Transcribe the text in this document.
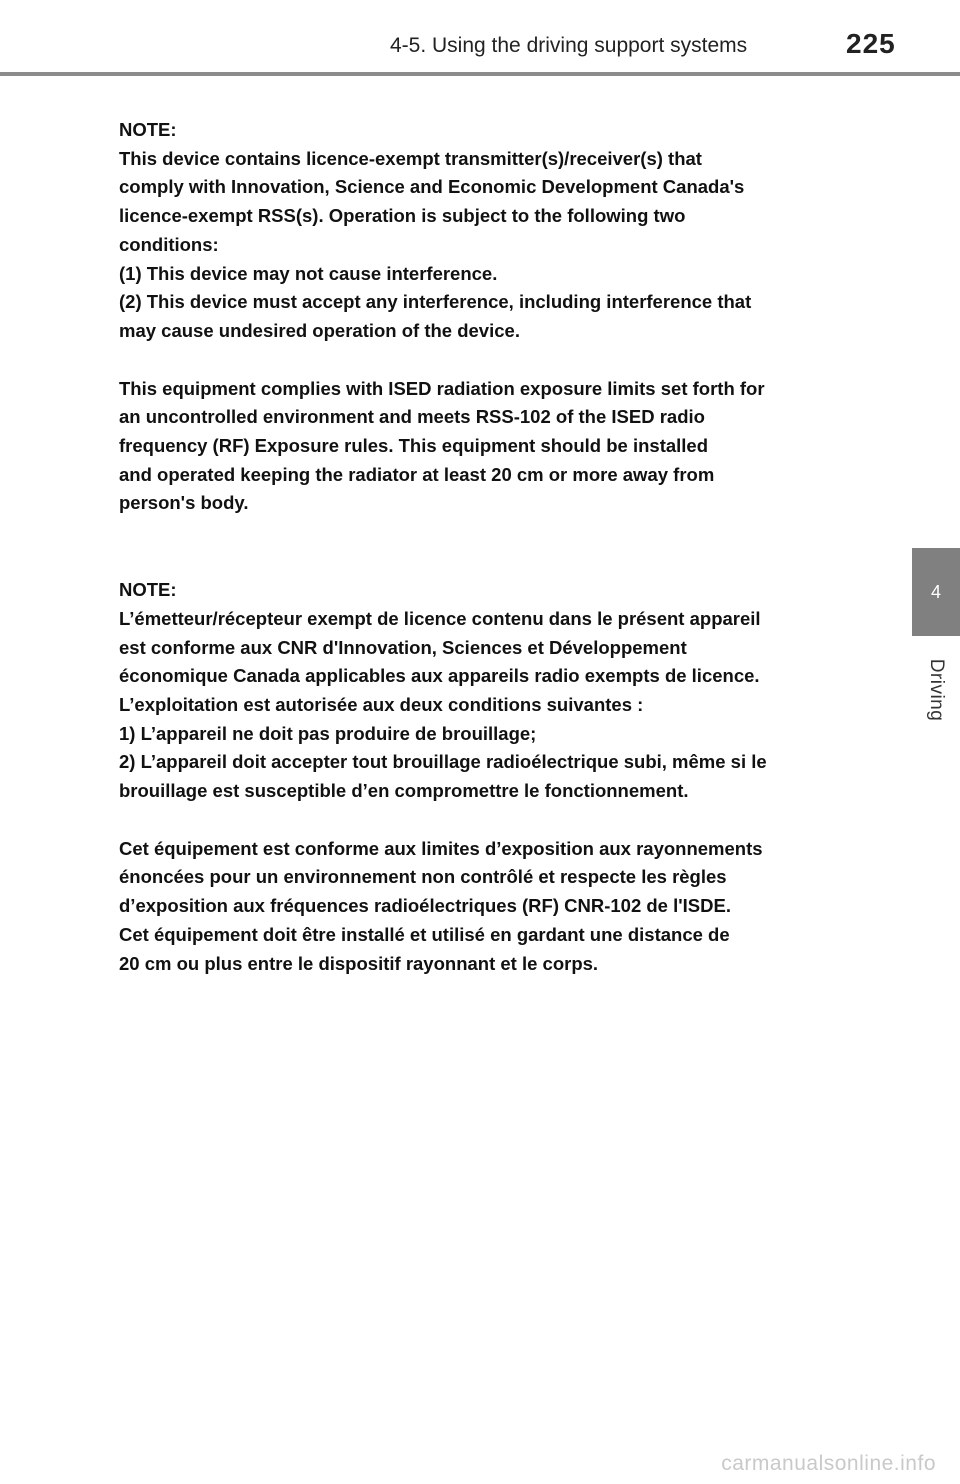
4-5. Using the driving support systems	225
4
Driving
NOTE:
This device contains licence-exempt transmitter(s)/receiver(s) that
comply with Innovation, Science and Economic Development Canada's
licence-exempt RSS(s). Operation is subject to the following two
conditions:
(1) This device may not cause interference.
(2) This device must accept any interference, including interference that
may cause undesired operation of the device.
This equipment complies with ISED radiation exposure limits set forth for
an uncontrolled environment and meets RSS-102 of the ISED radio
frequency (RF) Exposure rules. This equipment should be installed
and operated keeping the radiator at least 20 cm or more away from
person's body.
NOTE:
L’émetteur/récepteur exempt de licence contenu dans le présent appareil
est conforme aux CNR d'Innovation, Sciences et Développement
économique Canada applicables aux appareils radio exempts de licence.
L’exploitation est autorisée aux deux conditions suivantes :
1) L’appareil ne doit pas produire de brouillage;
2) L’appareil doit accepter tout brouillage radioélectrique subi, même si le
brouillage est susceptible d’en compromettre le fonctionnement.
Cet équipement est conforme aux limites d’exposition aux rayonnements
énoncées pour un environnement non contrôlé et respecte les règles
d’exposition aux fréquences radioélectriques (RF) CNR-102 de l'ISDE.
Cet équipement doit être installé et utilisé en gardant une distance de
20 cm ou plus entre le dispositif rayonnant et le corps.
carmanualsonline.info
